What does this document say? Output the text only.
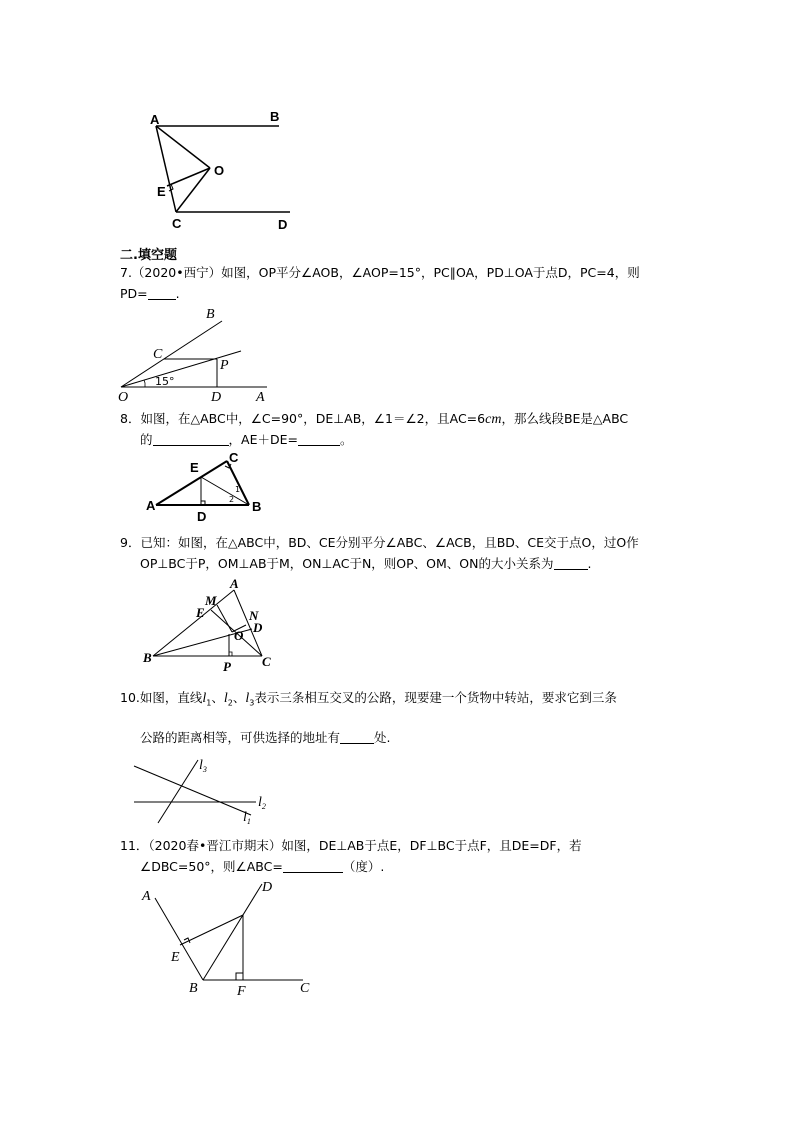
A	B
O
E
C	D
二.填空题
7.（2020•西宁）如图，OP平分∠AOB，∠AOP=15°，PC∥OA，PD⊥OA于点D，PC=4，则
PD= .
B
C
P
O
15°
D A
8．如图，在△ABC中，∠C=90°，DE⊥AB，∠1＝∠2，且AC=6cm，那么线段BE是△ABC
的	，AE＋DE=	。
E
C
A
D
B
1
2
9．已知：如图，在△ABC中，BD、CE分别平分∠ABC、∠ACB，且BD、CE交于点O，过O作
OP⊥BC于P，OM⊥AB于M，ON⊥AC于N，则OP、OM、ON的大小关系为	.
A
M
E	N
D
O
B
P C
10.如图，直线$l_1$、$l_2$、$l_3$表示三条相互交叉的公路，现要建一个货物中转站，要求它到三条
公路的距离相等，可供选择的地址有	处.
$l_3$
$l_2$
$l_1$
11．（2020春•晋江市期末）如图，DE⊥AB于点E，DF⊥BC于点F，且DE=DF，若
∠DBC=50°，则∠ABC=	（度）.
A
D
E
B	F	C
